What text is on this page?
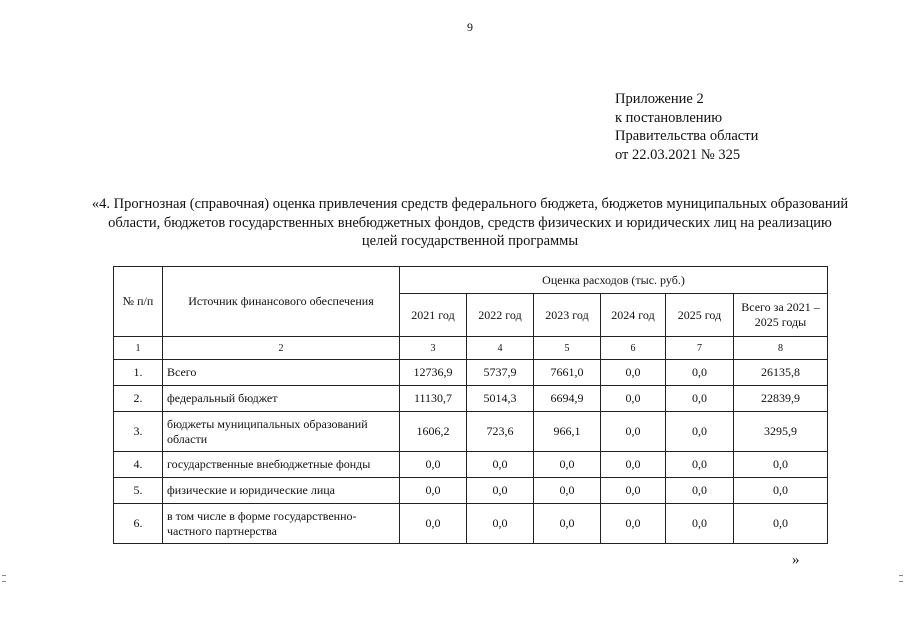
9
Приложение 2
к постановлению
Правительства области
от 22.03.2021 № 325
«4. Прогнозная (справочная) оценка привлечения средств федерального бюджета, бюджетов муниципальных образований области, бюджетов государственных внебюджетных фондов, средств физических и юридических лиц на реализацию целей государственной программы
№ п/п	Источник финансового обеспечения	Оценка расходов (тыс. руб.)					
		2021 год	2022 год	2023 год	2024 год	2025 год	Всего за 2021 – 2025 годы
1	2	3	4	5	6	7	8
1.	Всего	12736,9	5737,9	7661,0	0,0	0,0	26135,8
2.	федеральный бюджет	11130,7	5014,3	6694,9	0,0	0,0	22839,9
3.	бюджеты муниципальных образований области	1606,2	723,6	966,1	0,0	0,0	3295,9
4.	государственные внебюджетные фонды	0,0	0,0	0,0	0,0	0,0	0,0
5.	физические и юридические лица	0,0	0,0	0,0	0,0	0,0	0,0
6.	в том числе в форме государственно-частного партнерства	0,0	0,0	0,0	0,0	0,0	0,0
»
